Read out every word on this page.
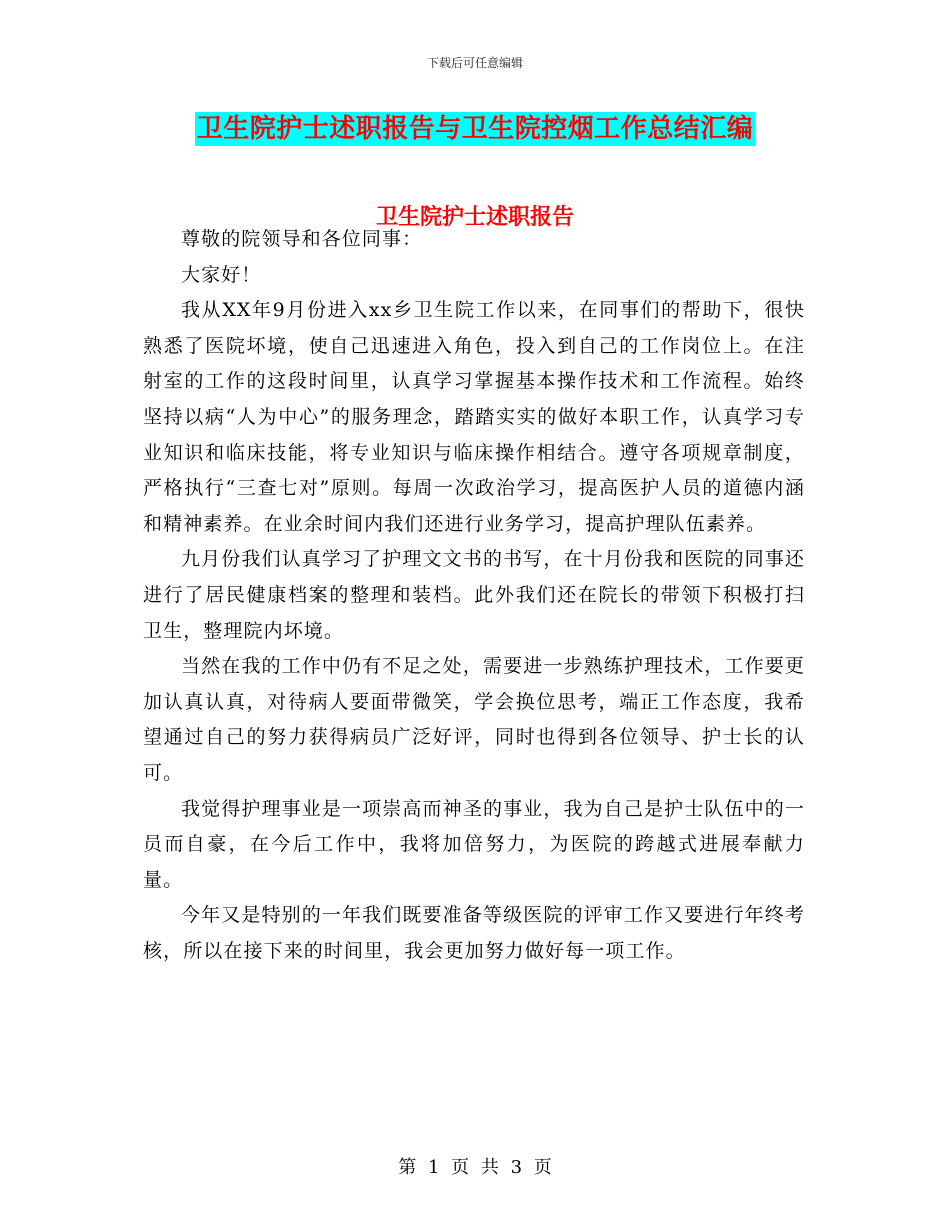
下载后可任意编辑
卫生院护士述职报告与卫生院控烟工作总结汇编
卫生院护士述职报告

尊敬的院领导和各位同事：

大家好！

我从XX年9月份进入xx乡卫生院工作以来，在同事们的帮助下，很快熟悉了医院坏境，使自己迅速进入角色，投入到自己的工作岗位上。在注射室的工作的这段时间里，认真学习掌握基本操作技术和工作流程。始终坚持以病“人为中心”的服务理念，踏踏实实的做好本职工作，认真学习专业知识和临床技能，将专业知识与临床操作相结合。遵守各项规章制度，严格执行“三查七对”原则。每周一次政治学习，提高医护人员的道德内涵和精神素养。在业余时间内我们还进行业务学习，提高护理队伍素养。

九月份我们认真学习了护理文文书的书写，在十月份我和医院的同事还进行了居民健康档案的整理和装档。此外我们还在院长的带领下积极打扫卫生，整理院内坏境。

当然在我的工作中仍有不足之处，需要进一步熟练护理技术，工作要更加认真认真，对待病人要面带微笑，学会换位思考，端正工作态度，我希望通过自己的努力获得病员广泛好评，同时也得到各位领导、护士长的认可。

我觉得护理事业是一项崇高而神圣的事业，我为自己是护士队伍中的一员而自豪，在今后工作中，我将加倍努力，为医院的跨越式进展奉献力量。

今年又是特别的一年我们既要准备等级医院的评审工作又要进行年终考核，所以在接下来的时间里，我会更加努力做好每一项工作。

第 1 页 共 3 页
